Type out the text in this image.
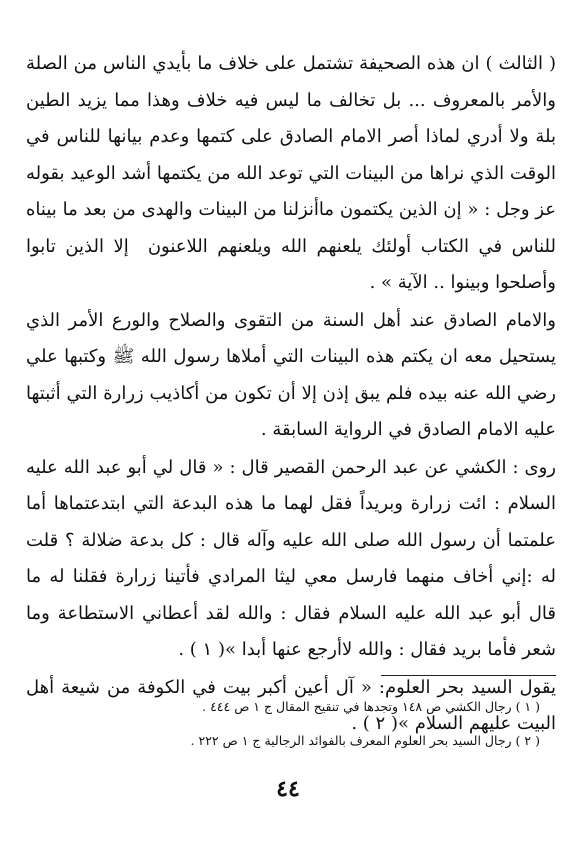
( الثالث ) ان هذه الصحيفة تشتمل على خلاف ما بأيدي الناس من الصلة والأمر بالمعروف ... بل تخالف ما ليس فيه خلاف وهذا مما يزيد الطين بلة ولا أدري لماذا أصر الامام الصادق على كتمها وعدم بيانها للناس في الوقت الذي نراها من البينات التي توعد الله من يكتمها أشد الوعيد بقوله عز وجل : « إن الذين يكتمون ماأنزلنا من البينات والهدى من بعد ما بيناه للناس في الكتاب أولئك يلعنهم الله ويلعنهم اللاعنون ‌ إلا الذين تابوا وأصلحوا وبينوا .. الآية » .

والامام الصادق عند أهل السنة من التقوى والصلاح والورع الأمر الذي يستحيل معه ان يكتم هذه البينات التي أملاها رسول الله ﷺ وكتبها علي رضي الله عنه بيده فلم يبق إذن إلا أن تكون من أكاذيب زرارة التي أثبتها عليه الامام الصادق في الرواية السابقة .

روى : الكشي عن عبد الرحمن القصير قال : « قال لي أبو عبد الله عليه السلام : ائت زرارة وبريداً فقل لهما ما هذه البدعة التي ابتدعتماها أما علمتما أن رسول الله صلى الله عليه وآله قال : كل بدعة ضلالة ؟ قلت له :إني أخاف منهما فارسل معي ليثا المرادي فأتينا زرارة فقلنا له ما قال أبو عبد الله عليه السلام فقال : والله لقد أعطاني الاستطاعة وما شعر فأما بريد فقال : والله لاأرجع عنها أبدا »( ١ ) .

يقول السيد بحر العلوم: « آل أعين أكبر بيت في الكوفة من شيعة أهل البيت عليهم السلام »( ٢ ) .

( ١ ) رجال الكشي ص ١٤٨ وتجدها في تنقيح المقال ج ١ ص ٤٤٤ .

( ٢ ) رجال السيد بحر العلوم المعرف بالفوائد الرجالية ج ١ ص ٢٢٢ .

٤٤
